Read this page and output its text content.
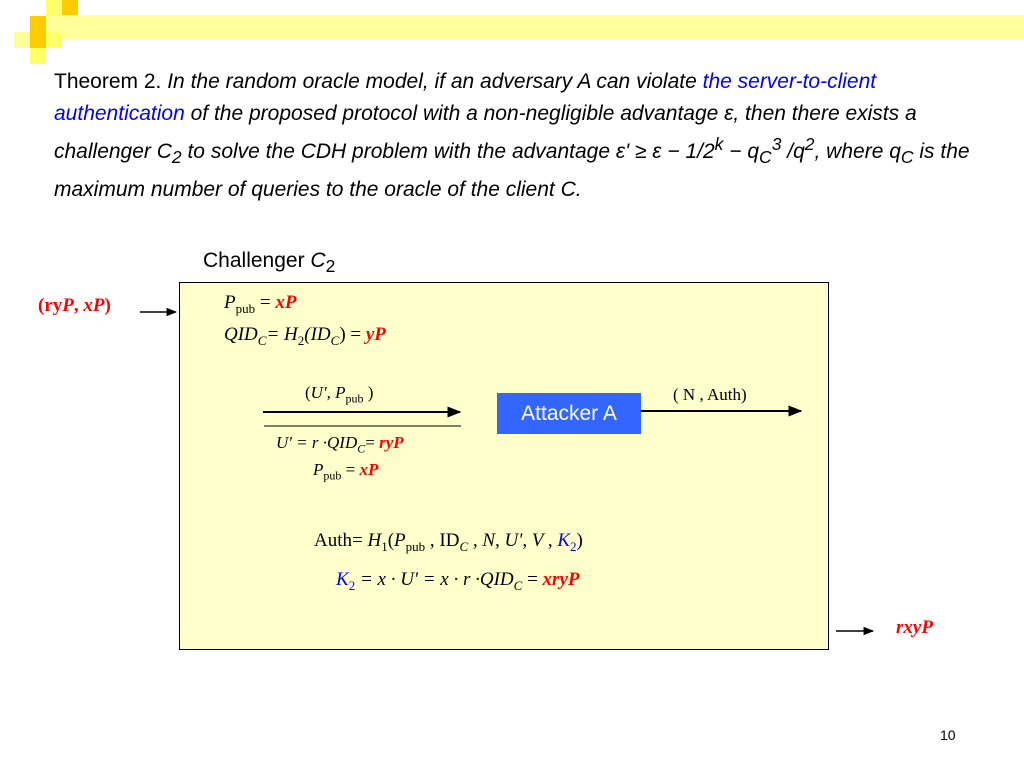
Theorem 2. In the random oracle model, if an adversary A can violate the server-to-client authentication of the proposed protocol with a non-negligible advantage ε, then there exists a challenger $C_2$ to solve the CDH problem with the advantage $\varepsilon' \ge \varepsilon - 1/2^k - q_C^3$ $/q^2$, where $q_C$ is the maximum number of queries to the oracle of the client C.
Challenger $C_2$
(ryP, xP)	$P_{pub}$ = xP
$QID_C= H_2(ID_C)$ = yP
(U', $P_{pub}$ )
$U' = r \cdot QID_C=$ ryP
$P_{pub}$ = xP
Attacker A
( N , Auth)
Auth= $H_1(P_{pub}$ , $ID_C$ , N, U', V , $K_2$)
$K_2 = x \cdot U' = x \cdot r \cdot QID_C$ = xryP
rxyP
10
